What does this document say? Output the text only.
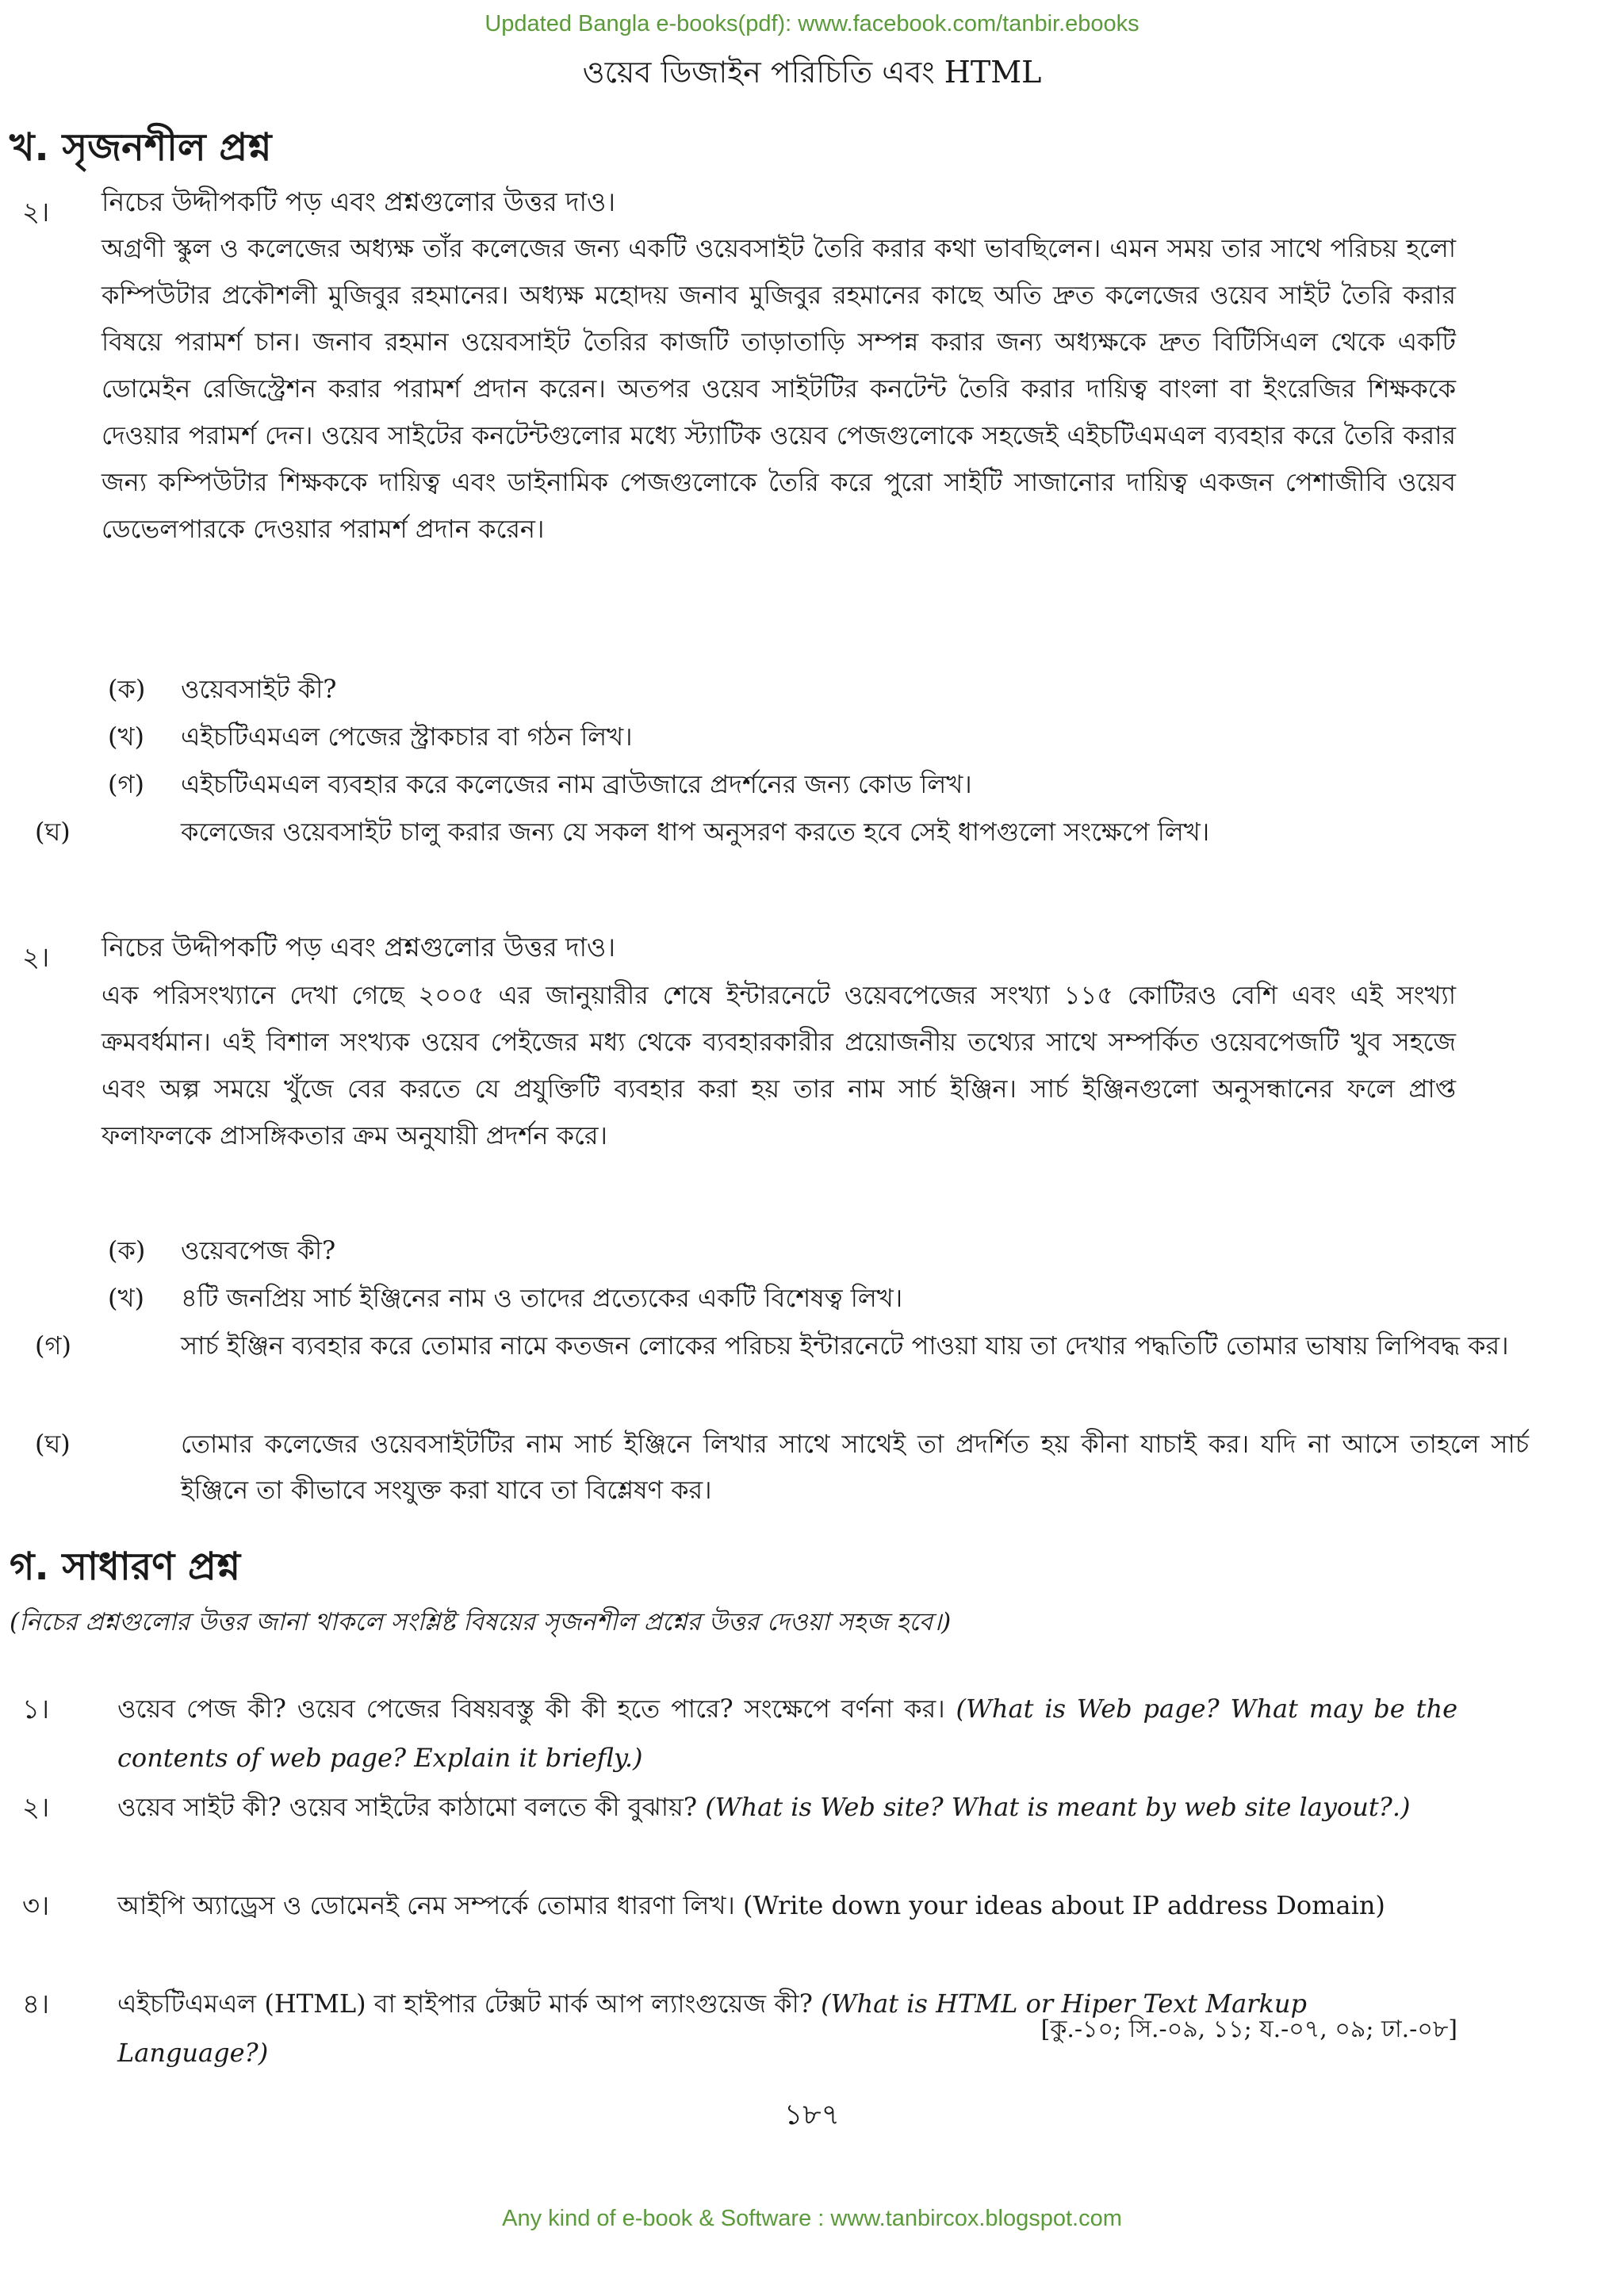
Updated Bangla e-books(pdf): www.facebook.com/tanbir.ebooks
ওয়েব ডিজাইন পরিচিতি এবং HTML
খ. সৃজনশীল প্রশ্ন
২। নিচের উদ্দীপকটি পড় এবং প্রশ্নগুলোর উত্তর দাও।
অগ্রণী স্কুল ও কলেজের অধ্যক্ষ তাঁর কলেজের জন্য একটি ওয়েবসাইট তৈরি করার কথা ভাবছিলেন। এমন সময় তার সাথে পরিচয় হলো কম্পিউটার প্রকৌশলী মুজিবুর রহমানের। অধ্যক্ষ মহোদয় জনাব মুজিবুর রহমানের কাছে অতি দ্রুত কলেজের ওয়েব সাইট তৈরি করার বিষয়ে পরামর্শ চান। জনাব রহমান ওয়েবসাইট তৈরির কাজটি তাড়াতাড়ি সম্পন্ন করার জন্য অধ্যক্ষকে দ্রুত বিটিসিএল থেকে একটি ডোমেইন রেজিস্ট্রেশন করার পরামর্শ প্রদান করেন। অতপর ওয়েব সাইটটির কনটেন্ট তৈরি করার দায়িত্ব বাংলা বা ইংরেজির শিক্ষককে দেওয়ার পরামর্শ দেন। ওয়েব সাইটের কনটেন্টগুলোর মধ্যে স্ট্যাটিক ওয়েব পেজগুলোকে সহজেই এইচটিএমএল ব্যবহার করে তৈরি করার জন্য কম্পিউটার শিক্ষককে দায়িত্ব এবং ডাইনামিক পেজগুলোকে তৈরি করে পুরো সাইটি সাজানোর দায়িত্ব একজন পেশাজীবি ওয়েব ডেভেলপারকে দেওয়ার পরামর্শ প্রদান করেন।
(ক) ওয়েবসাইট কী?
(খ) এইচটিএমএল পেজের স্ট্রাকচার বা গঠন লিখ।
(গ) এইচটিএমএল ব্যবহার করে কলেজের নাম ব্রাউজারে প্রদর্শনের জন্য কোড লিখ।
(ঘ)	কলেজের ওয়েবসাইট চালু করার জন্য যে সকল ধাপ অনুসরণ করতে হবে সেই ধাপগুলো সংক্ষেপে লিখ।
২। নিচের উদ্দীপকটি পড় এবং প্রশ্নগুলোর উত্তর দাও।
এক পরিসংখ্যানে দেখা গেছে ২০০৫ এর জানুয়ারীর শেষে ইন্টারনেটে ওয়েবপেজের সংখ্যা ১১৫ কোটিরও বেশি এবং এই সংখ্যা ক্রমবর্ধমান। এই বিশাল সংখ্যক ওয়েব পেইজের মধ্য থেকে ব্যবহারকারীর প্রয়োজনীয় তথ্যের সাথে সম্পর্কিত ওয়েবপেজটি খুব সহজে এবং অল্প সময়ে খুঁজে বের করতে যে প্রযুক্তিটি ব্যবহার করা হয় তার নাম সার্চ ইঞ্জিন। সার্চ ইঞ্জিনগুলো অনুসন্ধানের ফলে প্রাপ্ত ফলাফলকে প্রাসঙ্গিকতার ক্রম অনুযায়ী প্রদর্শন করে।
(ক) ওয়েবপেজ কী?
(খ) ৪টি জনপ্রিয় সার্চ ইঞ্জিনের নাম ও তাদের প্রত্যেকের একটি বিশেষত্ব লিখ।
(গ)	সার্চ ইঞ্জিন ব্যবহার করে তোমার নামে কতজন লোকের পরিচয় ইন্টারনেটে পাওয়া যায় তা দেখার পদ্ধতিটি তোমার ভাষায় লিপিবদ্ধ কর।
(ঘ)	তোমার কলেজের ওয়েবসাইটটির নাম সার্চ ইঞ্জিনে লিখার সাথে সাথেই তা প্রদর্শিত হয় কীনা যাচাই কর। যদি না আসে তাহলে সার্চ ইঞ্জিনে তা কীভাবে সংযুক্ত করা যাবে তা বিশ্লেষণ কর।
গ. সাধারণ প্রশ্ন
(নিচের প্রশ্নগুলোর উত্তর জানা থাকলে সংশ্লিষ্ট বিষয়ের সৃজনশীল প্রশ্নের উত্তর দেওয়া সহজ হবে।)
১।	ওয়েব পেজ কী? ওয়েব পেজের বিষয়বস্তু কী কী হতে পারে? সংক্ষেপে বর্ণনা কর। (What is Web page? What may be the contents of web page? Explain it briefly.)
২।	ওয়েব সাইট কী? ওয়েব সাইটের কাঠামো বলতে কী বুঝায়? (What is Web site? What is meant by web site layout?.)
৩।	আইপি অ্যাড্রেস ও ডোমেনই নেম সম্পর্কে তোমার ধারণা লিখ। (Write down your ideas about IP address Domain)
৪।	এইচটিএমএল (HTML) বা হাইপার টেক্সট মার্ক আপ ল্যাংগুয়েজ কী? (What is HTML or Hiper Text Markup Language?)
[কু.-১০; সি.-০৯, ১১; য.-০৭, ০৯; ঢা.-০৮]
১৮৭
Any kind of e-book & Software : www.tanbircox.blogspot.com
